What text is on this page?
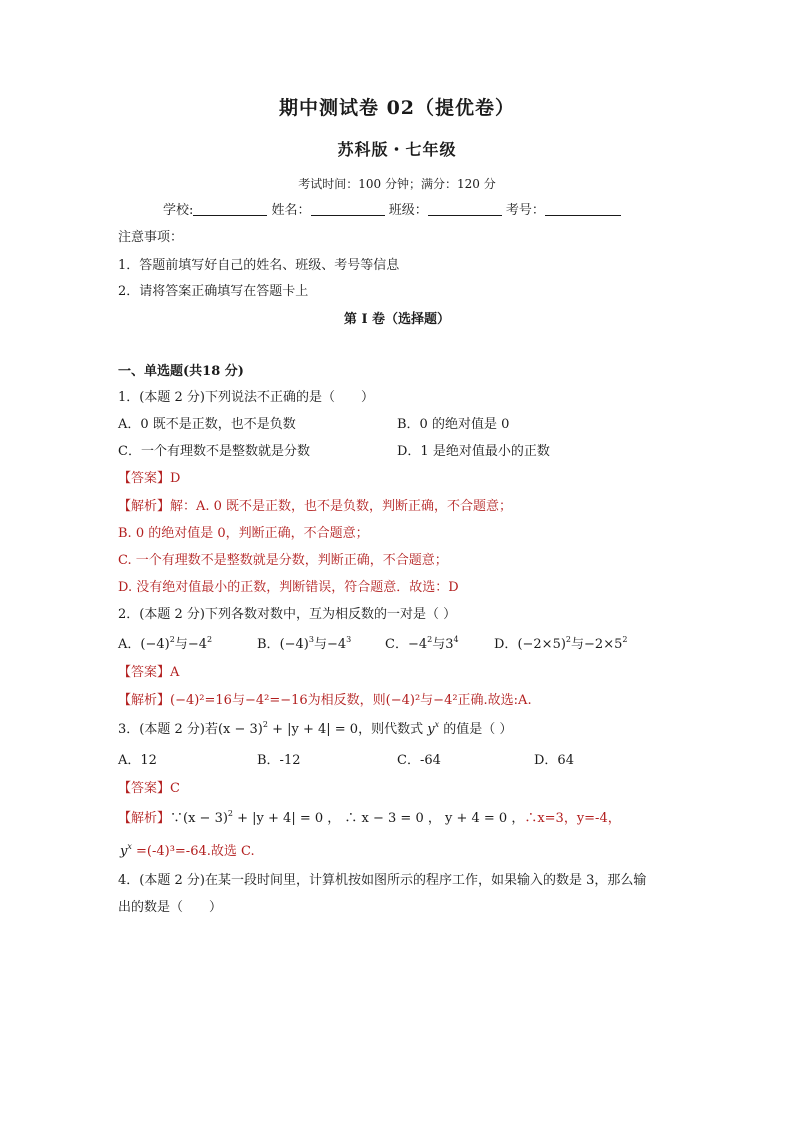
期中测试卷 02（提优卷）
苏科版・七年级
考试时间：100 分钟；满分：120 分
学校:	姓名：	班级：	考号：
注意事项：
1．答题前填写好自己的姓名、班级、考号等信息
2．请将答案正确填写在答题卡上
第 I 卷（选择题）
一、单选题(共18 分)
1．(本题 2 分)下列说法不正确的是（　　）
A．0 既不是正数，也不是负数	B．0 的绝对值是 0
C．一个有理数不是整数就是分数	D．1 是绝对值最小的正数
【答案】D
【解析】解：A. 0 既不是正数，也不是负数，判断正确，不合题意；
B. 0 的绝对值是 0，判断正确，不合题意；
C. 一个有理数不是整数就是分数，判断正确，不合题意；
D. 没有绝对值最小的正数，判断错误，符合题意．故选：D
2．(本题 2 分)下列各数对数中，互为相反数的一对是（ ）
A．$(-4)^2$与$-4^2$	B．$(-4)^3$与$-4^3$	C．$-4^2$与$3^4$	D．$(-2\times 5)^2$与$-2\times 5^2$
【答案】A
【解析】(−4)²=16与−4²=−16为相反数，则(−4)²与−4²正确.故选:A.
3．(本题 2 分)若$(x - 3)^2 + |y + 4| = 0$，则代数式 $y^x$ 的值是（ ）
A．12	B．-12	C．-64	D．64
【答案】C
【解析】∵(x − 3)$^2$ + |y + 4| = 0 ， ∴ x − 3 = 0 ， y + 4 = 0 ，∴x=3，y=-4，
$y^x =(-4)^3=-64$.故选 C.
4．(本题 2 分)在某一段时间里，计算机按如图所示的程序工作，如果输入的数是 3，那么输
出的数是（　　）
